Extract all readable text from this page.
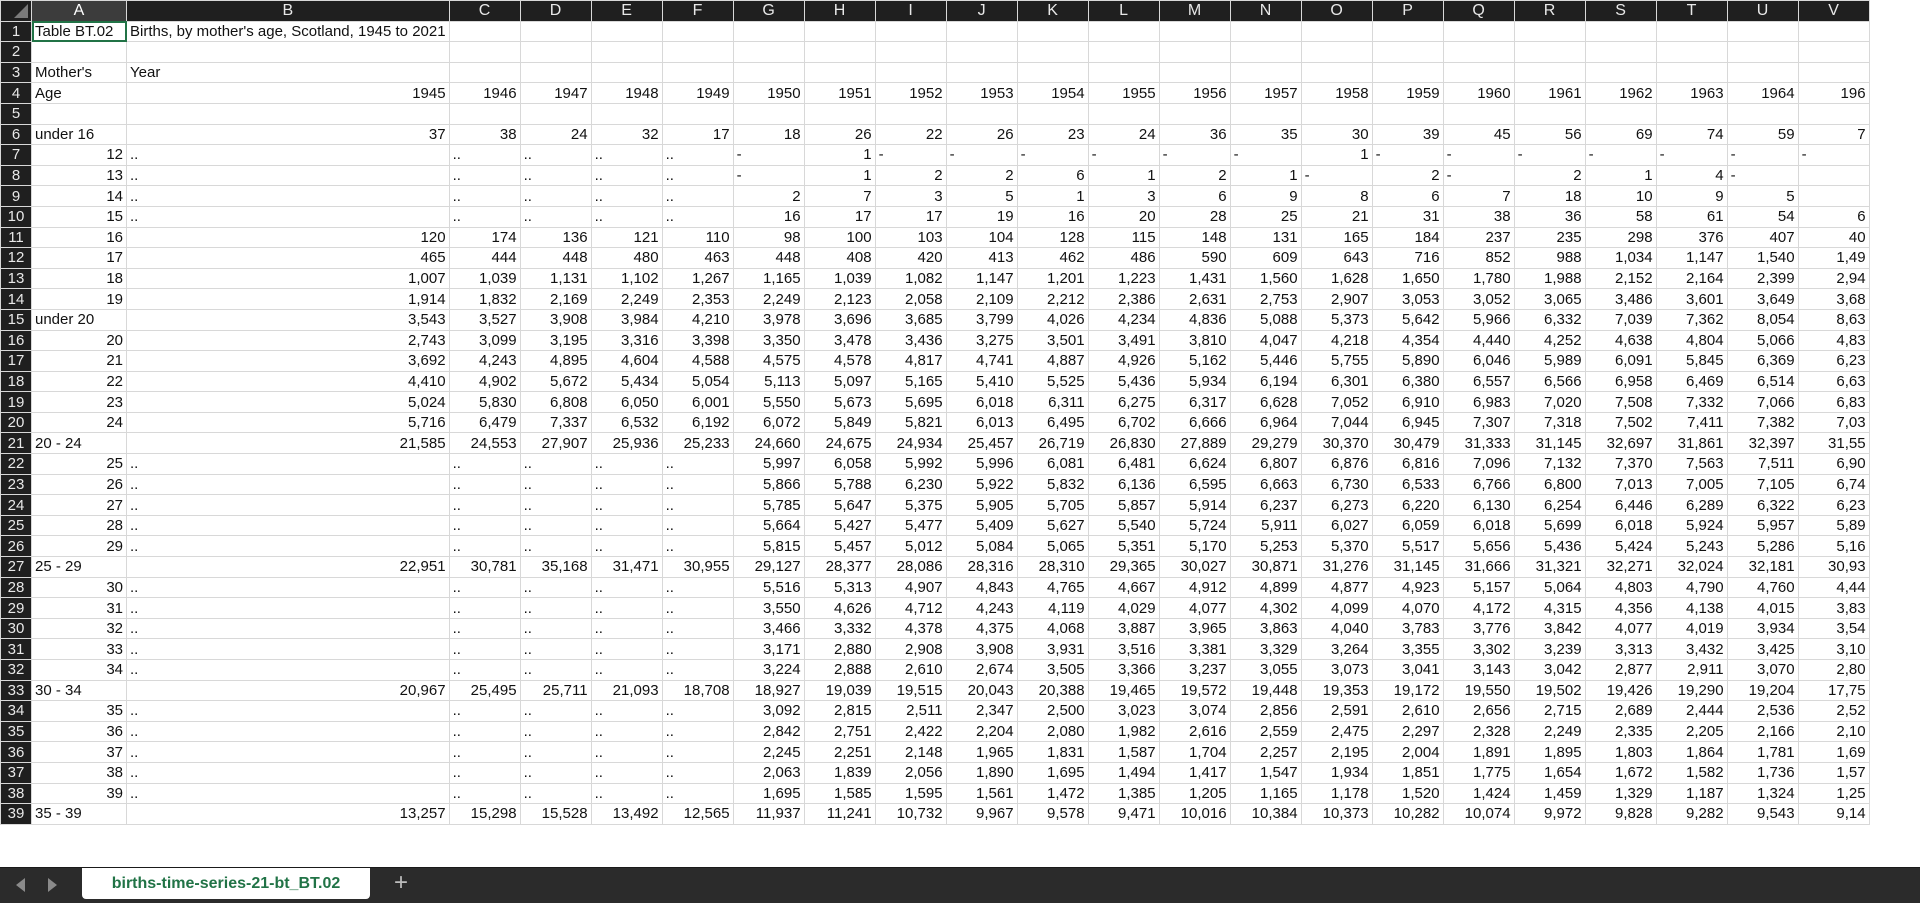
	A	B	C	D	E	F	G	H	I	J	K	L	M	N	O	P	Q	R	S	T	U	V
1	Table BT.02	Births, by mother's age, Scotland, 1945 to 2021																				
2																						
3	Mother's	Year																				
4	Age	1945	1946	1947	1948	1949	1950	1951	1952	1953	1954	1955	1956	1957	1958	1959	1960	1961	1962	1963	1964	196
5																						
6	under 16	37	38	24	32	17	18	26	22	26	23	24	36	35	30	39	45	56	69	74	59	7
7	12	..	..	..	..	..	-	1	-	-	-	-	-	-	1	-	-	-	-	-	-	-
8	13	..	..	..	..	..	-	1	2	2	6	1	2	1	-	2	-	2	1	4	-	
9	14	..	..	..	..	..	2	7	3	5	1	3	6	9	8	6	7	18	10	9	5	
10	15	..	..	..	..	..	16	17	17	19	16	20	28	25	21	31	38	36	58	61	54	6
11	16	120	174	136	121	110	98	100	103	104	128	115	148	131	165	184	237	235	298	376	407	40
12	17	465	444	448	480	463	448	408	420	413	462	486	590	609	643	716	852	988	1,034	1,147	1,540	1,49
13	18	1,007	1,039	1,131	1,102	1,267	1,165	1,039	1,082	1,147	1,201	1,223	1,431	1,560	1,628	1,650	1,780	1,988	2,152	2,164	2,399	2,94
14	19	1,914	1,832	2,169	2,249	2,353	2,249	2,123	2,058	2,109	2,212	2,386	2,631	2,753	2,907	3,053	3,052	3,065	3,486	3,601	3,649	3,68
15	under 20	3,543	3,527	3,908	3,984	4,210	3,978	3,696	3,685	3,799	4,026	4,234	4,836	5,088	5,373	5,642	5,966	6,332	7,039	7,362	8,054	8,63
16	20	2,743	3,099	3,195	3,316	3,398	3,350	3,478	3,436	3,275	3,501	3,491	3,810	4,047	4,218	4,354	4,440	4,252	4,638	4,804	5,066	4,83
17	21	3,692	4,243	4,895	4,604	4,588	4,575	4,578	4,817	4,741	4,887	4,926	5,162	5,446	5,755	5,890	6,046	5,989	6,091	5,845	6,369	6,23
18	22	4,410	4,902	5,672	5,434	5,054	5,113	5,097	5,165	5,410	5,525	5,436	5,934	6,194	6,301	6,380	6,557	6,566	6,958	6,469	6,514	6,63
19	23	5,024	5,830	6,808	6,050	6,001	5,550	5,673	5,695	6,018	6,311	6,275	6,317	6,628	7,052	6,910	6,983	7,020	7,508	7,332	7,066	6,83
20	24	5,716	6,479	7,337	6,532	6,192	6,072	5,849	5,821	6,013	6,495	6,702	6,666	6,964	7,044	6,945	7,307	7,318	7,502	7,411	7,382	7,03
21	20 - 24	21,585	24,553	27,907	25,936	25,233	24,660	24,675	24,934	25,457	26,719	26,830	27,889	29,279	30,370	30,479	31,333	31,145	32,697	31,861	32,397	31,55
22	25	..	..	..	..	..	5,997	6,058	5,992	5,996	6,081	6,481	6,624	6,807	6,876	6,816	7,096	7,132	7,370	7,563	7,511	6,90
23	26	..	..	..	..	..	5,866	5,788	6,230	5,922	5,832	6,136	6,595	6,663	6,730	6,533	6,766	6,800	7,013	7,005	7,105	6,74
24	27	..	..	..	..	..	5,785	5,647	5,375	5,905	5,705	5,857	5,914	6,237	6,273	6,220	6,130	6,254	6,446	6,289	6,322	6,23
25	28	..	..	..	..	..	5,664	5,427	5,477	5,409	5,627	5,540	5,724	5,911	6,027	6,059	6,018	5,699	6,018	5,924	5,957	5,89
26	29	..	..	..	..	..	5,815	5,457	5,012	5,084	5,065	5,351	5,170	5,253	5,370	5,517	5,656	5,436	5,424	5,243	5,286	5,16
27	25 - 29	22,951	30,781	35,168	31,471	30,955	29,127	28,377	28,086	28,316	28,310	29,365	30,027	30,871	31,276	31,145	31,666	31,321	32,271	32,024	32,181	30,93
28	30	..	..	..	..	..	5,516	5,313	4,907	4,843	4,765	4,667	4,912	4,899	4,877	4,923	5,157	5,064	4,803	4,790	4,760	4,44
29	31	..	..	..	..	..	3,550	4,626	4,712	4,243	4,119	4,029	4,077	4,302	4,099	4,070	4,172	4,315	4,356	4,138	4,015	3,83
30	32	..	..	..	..	..	3,466	3,332	4,378	4,375	4,068	3,887	3,965	3,863	4,040	3,783	3,776	3,842	4,077	4,019	3,934	3,54
31	33	..	..	..	..	..	3,171	2,880	2,908	3,908	3,931	3,516	3,381	3,329	3,264	3,355	3,302	3,239	3,313	3,432	3,425	3,10
32	34	..	..	..	..	..	3,224	2,888	2,610	2,674	3,505	3,366	3,237	3,055	3,073	3,041	3,143	3,042	2,877	2,911	3,070	2,80
33	30 - 34	20,967	25,495	25,711	21,093	18,708	18,927	19,039	19,515	20,043	20,388	19,465	19,572	19,448	19,353	19,172	19,550	19,502	19,426	19,290	19,204	17,75
34	35	..	..	..	..	..	3,092	2,815	2,511	2,347	2,500	3,023	3,074	2,856	2,591	2,610	2,656	2,715	2,689	2,444	2,536	2,52
35	36	..	..	..	..	..	2,842	2,751	2,422	2,204	2,080	1,982	2,616	2,559	2,475	2,297	2,328	2,249	2,335	2,205	2,166	2,10
36	37	..	..	..	..	..	2,245	2,251	2,148	1,965	1,831	1,587	1,704	2,257	2,195	2,004	1,891	1,895	1,803	1,864	1,781	1,69
37	38	..	..	..	..	..	2,063	1,839	2,056	1,890	1,695	1,494	1,417	1,547	1,934	1,851	1,775	1,654	1,672	1,582	1,736	1,57
38	39	..	..	..	..	..	1,695	1,585	1,595	1,561	1,472	1,385	1,205	1,165	1,178	1,520	1,424	1,459	1,329	1,187	1,324	1,25
39	35 - 39	13,257	15,298	15,528	13,492	12,565	11,937	11,241	10,732	9,967	9,578	9,471	10,016	10,384	10,373	10,282	10,074	9,972	9,828	9,282	9,543	9,14
births-time-series-21-bt_BT.02	+
